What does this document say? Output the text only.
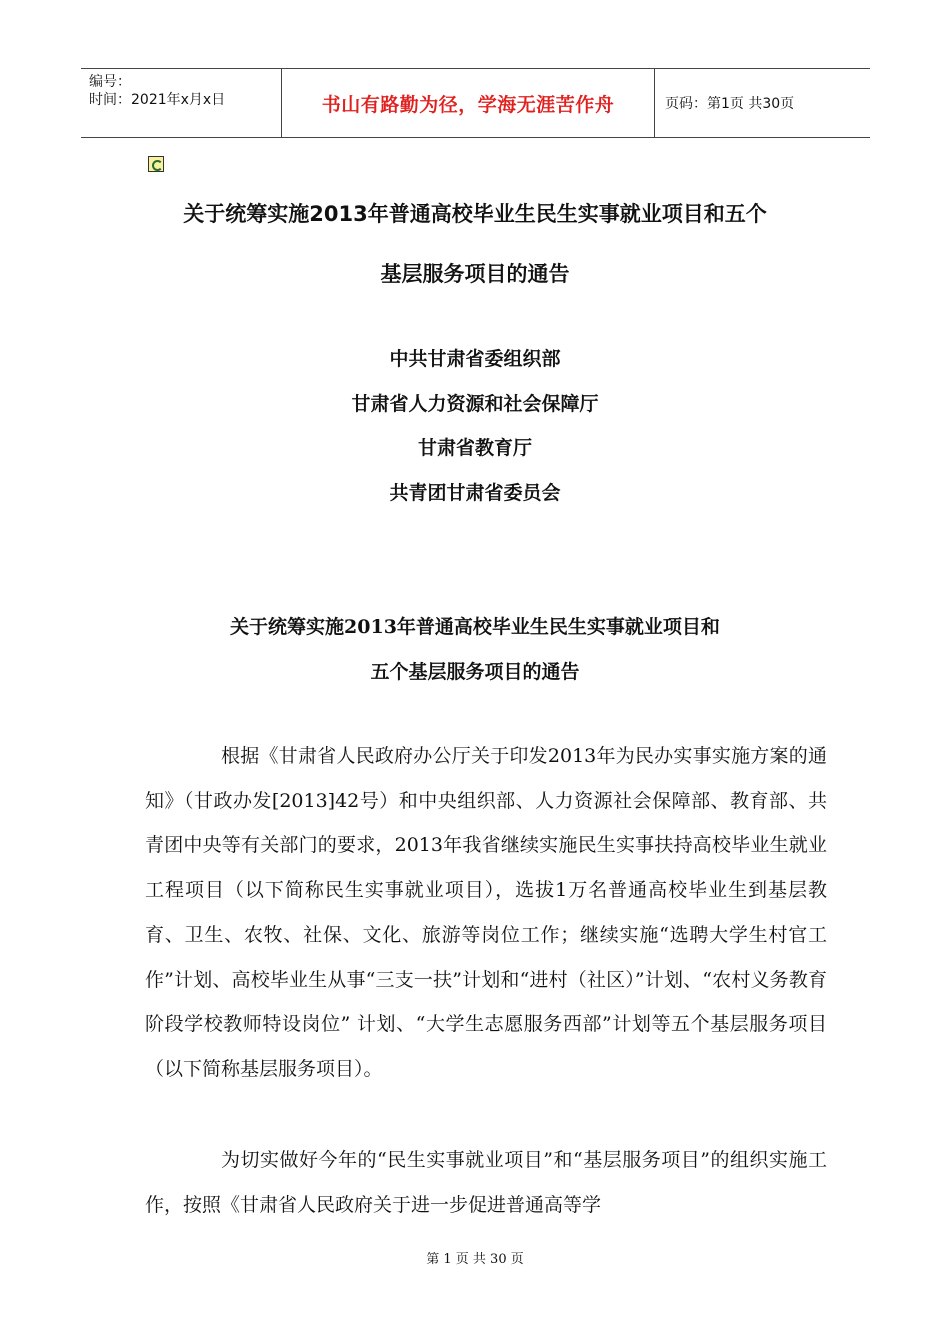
编号：
时间：2021年x月x日	书山有路勤为径，学海无涯苦作舟	页码：第1页 共30页
关于统筹实施2013年普通高校毕业生民生实事就业项目和五个
基层服务项目的通告
中共甘肃省委组织部
甘肃省人力资源和社会保障厅
甘肃省教育厅
共青团甘肃省委员会
关于统筹实施2013年普通高校毕业生民生实事就业项目和
五个基层服务项目的通告
根据《甘肃省人民政府办公厅关于印发2013年为民办实事实施方案的通知》（甘政办发[2013]42号）和中央组织部、人力资源社会保障部、教育部、共青团中央等有关部门的要求，2013年我省继续实施民生实事扶持高校毕业生就业工程项目（以下简称民生实事就业项目），选拔1万名普通高校毕业生到基层教育、卫生、农牧、社保、文化、旅游等岗位工作；继续实施“选聘大学生村官工作”计划、高校毕业生从事“三支一扶”计划和“进村（社区）”计划、“农村义务教育阶段学校教师特设岗位” 计划、“大学生志愿服务西部”计划等五个基层服务项目（以下简称基层服务项目）。
为切实做好今年的“民生实事就业项目”和“基层服务项目”的组织实施工作，按照《甘肃省人民政府关于进一步促进普通高等学
第 1 页 共 30 页
